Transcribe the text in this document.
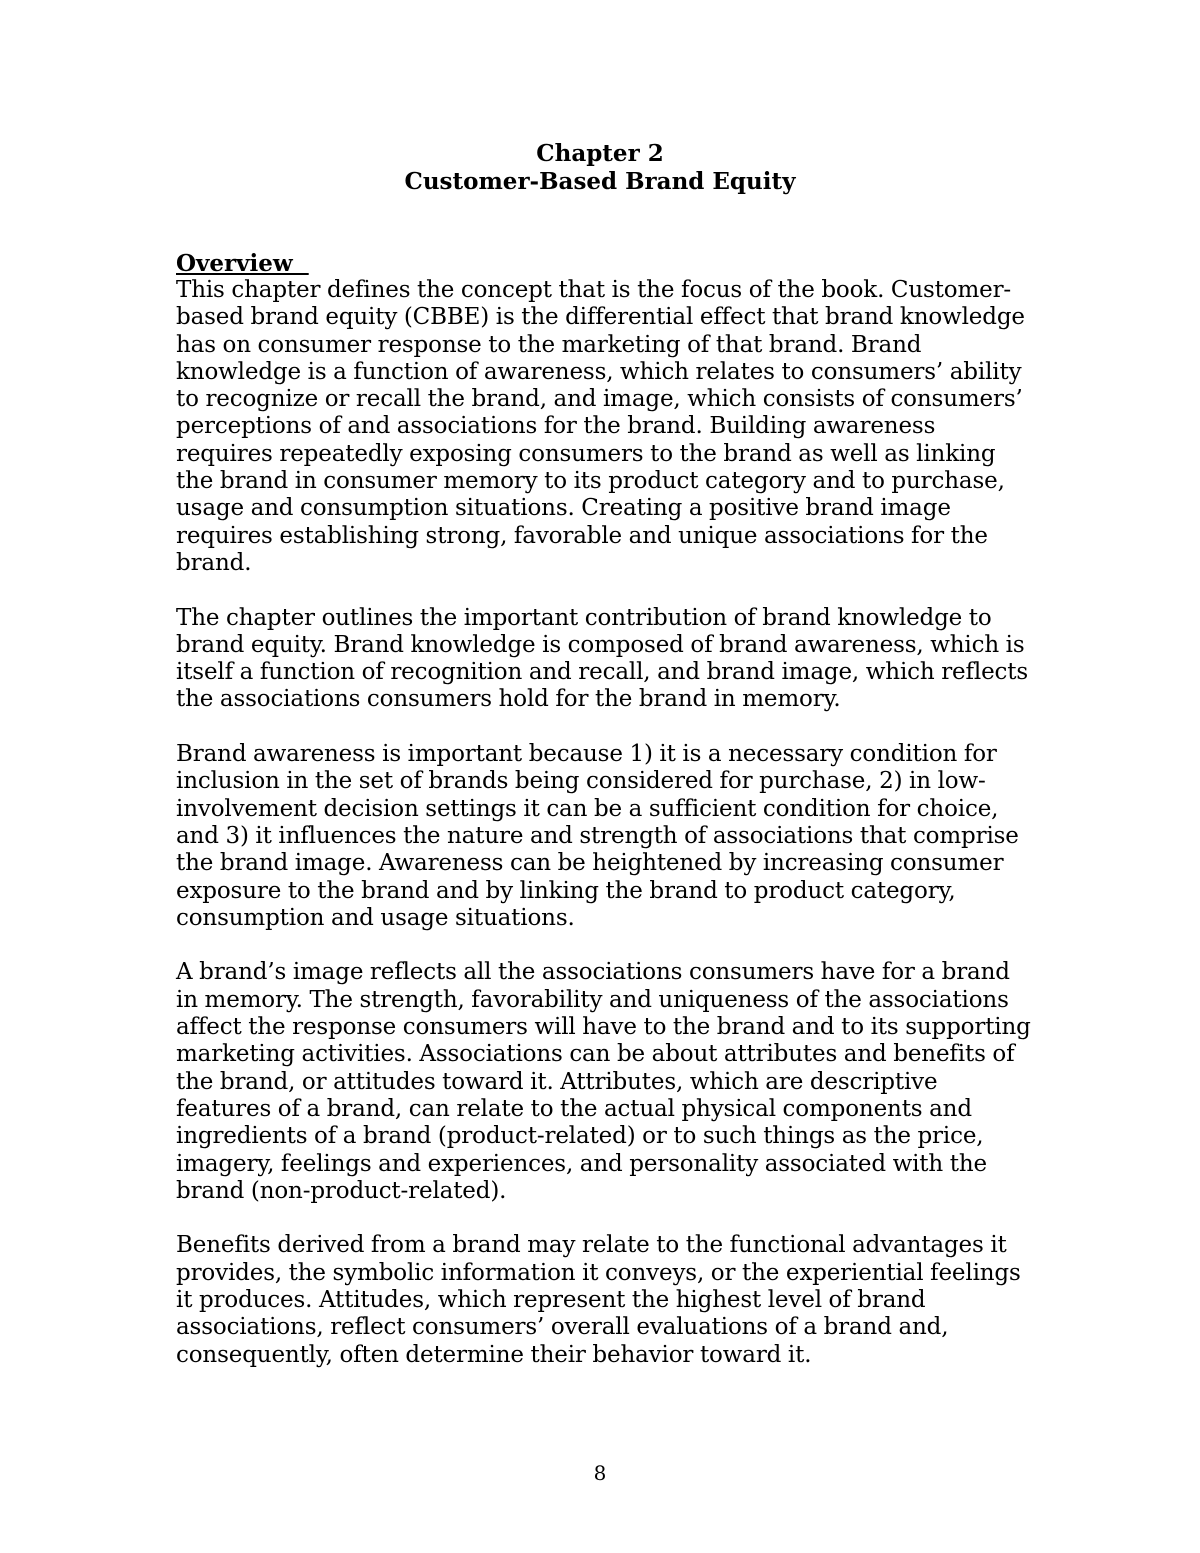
Chapter 2
Customer-Based Brand Equity
Overview

This chapter defines the concept that is the focus of the book. Customer-based brand equity (CBBE) is the differential effect that brand knowledge has on consumer response to the marketing of that brand. Brand knowledge is a function of awareness, which relates to consumers’ ability to recognize or recall the brand, and image, which consists of consumers’ perceptions of and associations for the brand. Building awareness requires repeatedly exposing consumers to the brand as well as linking the brand in consumer memory to its product category and to purchase, usage and consumption situations. Creating a positive brand image requires establishing strong, favorable and unique associations for the brand.

The chapter outlines the important contribution of brand knowledge to brand equity. Brand knowledge is composed of brand awareness, which is itself a function of recognition and recall, and brand image, which reflects the associations consumers hold for the brand in memory.

Brand awareness is important because 1) it is a necessary condition for inclusion in the set of brands being considered for purchase, 2) in low-involvement decision settings it can be a sufficient condition for choice, and 3) it influences the nature and strength of associations that comprise the brand image. Awareness can be heightened by increasing consumer exposure to the brand and by linking the brand to product category, consumption and usage situations.

A brand’s image reflects all the associations consumers have for a brand in memory. The strength, favorability and uniqueness of the associations affect the response consumers will have to the brand and to its supporting marketing activities. Associations can be about attributes and benefits of the brand, or attitudes toward it. Attributes, which are descriptive features of a brand, can relate to the actual physical components and ingredients of a brand (product-related) or to such things as the price, imagery, feelings and experiences, and personality associated with the brand (non-product-related).

Benefits derived from a brand may relate to the functional advantages it provides, the symbolic information it conveys, or the experiential feelings it produces. Attitudes, which represent the highest level of brand associations, reflect consumers’ overall evaluations of a brand and, consequently, often determine their behavior toward it.

8
